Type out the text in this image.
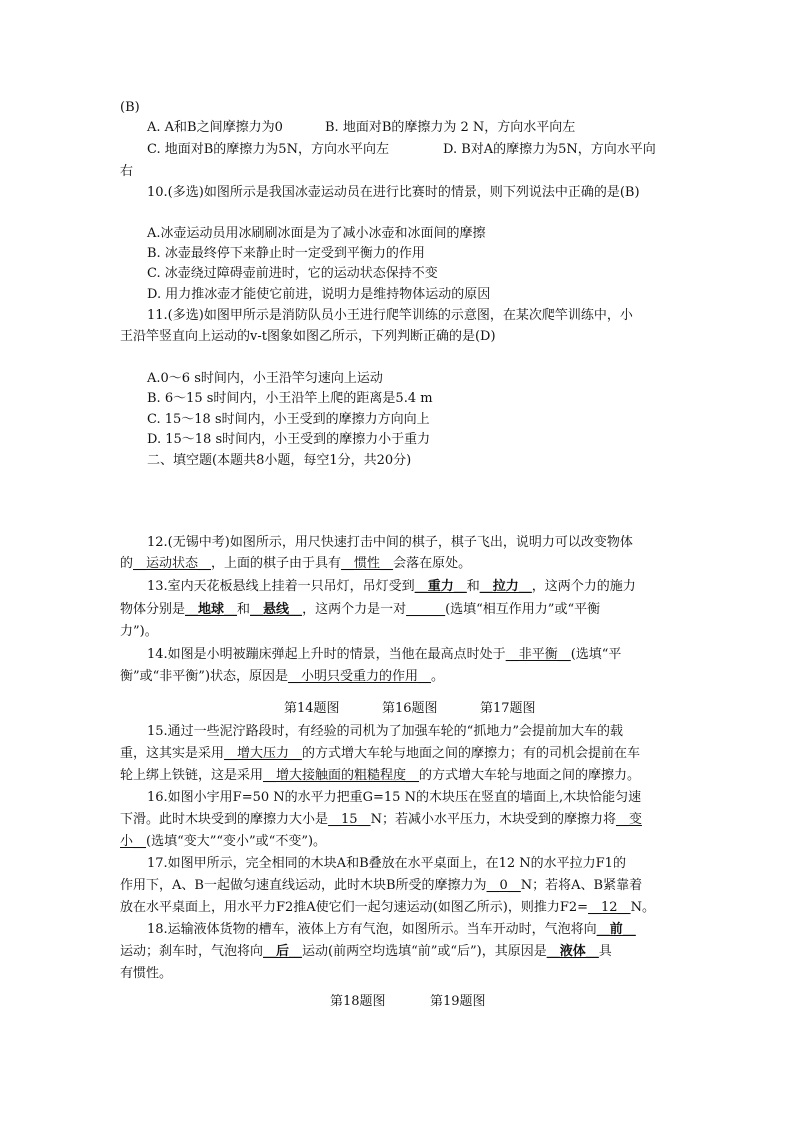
(B)
A. A和B之间摩擦力为0	B. 地面对B的摩擦力为 2 N，方向水平向左
C. 地面对B的摩擦力为5N，方向水平向左	D. B对A的摩擦力为5N，方向水平向
右
10.(多选)如图所示是我国冰壶运动员在进行比赛时的情景，则下列说法中正确的是(B)
A.冰壶运动员用冰刷刷冰面是为了减小冰壶和冰面间的摩擦
B. 冰壶最终停下来静止时一定受到平衡力的作用
C. 冰壶绕过障碍壶前进时，它的运动状态保持不变
D. 用力推冰壶才能使它前进，说明力是维持物体运动的原因
11.(多选)如图甲所示是消防队员小王进行爬竿训练的示意图，在某次爬竿训练中，小
王沿竿竖直向上运动的v-t图象如图乙所示，下列判断正确的是(D)
A.0～6 s时间内，小王沿竿匀速向上运动
B. 6～15 s时间内，小王沿竿上爬的距离是5.4 m
C. 15～18 s时间内，小王受到的摩擦力方向向上
D. 15～18 s时间内，小王受到的摩擦力小于重力
二、填空题(本题共8小题，每空1分，共20分)
12.(无锡中考)如图所示，用尺快速打击中间的棋子，棋子飞出，说明力可以改变物体
的__运动状态__，上面的棋子由于具有__惯性__会落在原处。
13.室内天花板悬线上挂着一只吊灯，吊灯受到__重力__和__拉力__，这两个力的施力
物体分别是__地球__和__悬线__，这两个力是一对______(选填“相互作用力”或“平衡
力”)。
14.如图是小明被蹦床弹起上升时的情景，当他在最高点时处于__非平衡__(选填“平
衡”或“非平衡”)状态，原因是__小明只受重力的作用__。
第14题图	第16题图	第17题图
15.通过一些泥泞路段时，有经验的司机为了加强车轮的“抓地力”会提前加大车的载
重，这其实是采用__增大压力__的方式增大车轮与地面之间的摩擦力；有的司机会提前在车
轮上绑上铁链，这是采用__增大接触面的粗糙程度__的方式增大车轮与地面之间的摩擦力。
16.如图小宇用F=50 N的水平力把重G=15 N的木块压在竖直的墙面上,木块恰能匀速
下滑。此时木块受到的摩擦力大小是__15__N；若减小水平压力，木块受到的摩擦力将__变
小__(选填“变大”“变小”或“不变”)。
17.如图甲所示，完全相同的木块A和B叠放在水平桌面上，在12 N的水平拉力F1的
作用下，A、B一起做匀速直线运动，此时木块B所受的摩擦力为__0__N；若将A、B紧靠着
放在水平桌面上，用水平力F2推A使它们一起匀速运动(如图乙所示)，则推力F2=__12__N。
18.运输液体货物的槽车，液体上方有气泡，如图所示。当车开动时，气泡将向__前__
运动；刹车时，气泡将向__后__运动(前两空均选填“前”或“后”)，其原因是__液体__具
有惯性。
第18题图	第19题图
